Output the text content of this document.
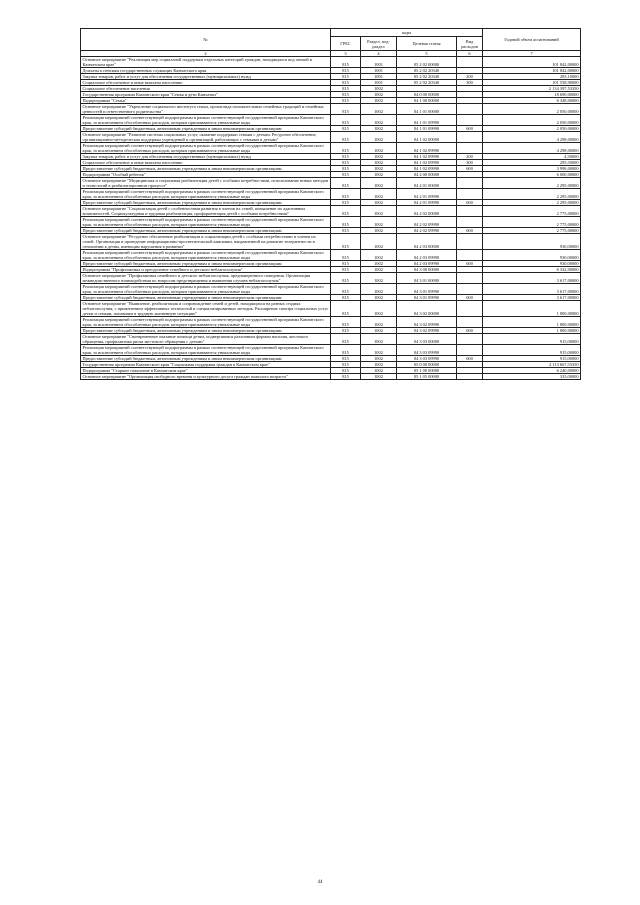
№	коды				Годовой объем ассигнований
	ГРБС	Раздел, под-раздел	Целевая статья	Вид расходов	
2	3	4	5	6	7
Основное мероприятие "Реализация мер социальной поддержки отдельных категорий граждан, находящихся под опекой в Камчатском крае"	815	1001	05 2 02 00000		101 842,00000
Доплаты к пенсиям государственных служащих Камчатского края	815	1001	05 2 02 20340		101 842,00000
Закупка товаров, работ и услуг для обеспечения государственных (муниципальных) нужд	815	1001	05 2 02 20340	200	283,10000
Социальное обеспечение и иные выплаты населению	815	1001	05 2 02 20340	300	101 558,90000
Социальное обеспечение населения	815	1002			2 134 397,53350
Государственная программа Камчатского края "Семья и дети Камчатки"	815	1002	04 0 00 00000		18 690,00000
Подпрограмма "Семья"	815	1002	04 1 00 00000		6 348,00000
Основное мероприятие "Укрепление социального института семьи, пропаганда положительных семейных традиций и семейных ценностей и ответственного родительства"	815	1002	04 1 01 00000		2 050,00000
Реализация мероприятий соответствующей подпрограммы в рамках соответствующей государственной программы Камчатского края, за исключением обособленных расходов, которым присваиваются уникальные коды	815	1002	04 1 01 09990		2 050,00000
Предоставление субсидий бюджетным, автономным учреждениям и иным некоммерческим организациям	815	1002	04 1 01 09990	600	2 050,00000
Основное мероприятие "Развитие системы социальных услуг, оказание поддержки семьям с детьми. Ресурсное обеспечение, организационно-методическая поддержка учреждений и организаций, работающих с семьями и детьми"	815	1002	04 1 02 00000		4 298,00000
Реализация мероприятий соответствующей подпрограммы в рамках соответствующей государственной программы Камчатского края, за исключением обособленных расходов, которым присваиваются уникальные коды	815	1002	04 1 02 09990		4 298,00000
Закупка товаров, работ и услуг для обеспечения государственных (муниципальных) нужд	815	1002	04 1 02 09990	200	4,50000
Социальное обеспечение и иные выплаты населению	815	1002	04 1 02 09990	300	295,50000
Предоставление субсидий бюджетным, автономным учреждениям и иным некоммерческим организациям	815	1002	04 1 02 09990	600	3 998,00000
Подпрограмма "Особый ребенок"	815	1002	04 2 00 00000		6 000,00000
Основное мероприятие "Медицинская и социальная реабилитация детей с особыми потребностями, использование новых методов и технологий в реабилитационном процессе"	815	1002	04 2 01 00000		2 295,00000
Реализация мероприятий соответствующей подпрограммы в рамках соответствующей государственной программы Камчатского края, за исключением обособленных расходов, которым присваиваются уникальные коды	815	1002	04 2 01 09990		2 295,00000
Предоставление субсидий бюджетным, автономным учреждениям и иным некоммерческим организациям	815	1002	04 2 01 09990	600	2 295,00000
Основное мероприятие "Социализация детей с особенностями развития в членов их семей, повышение их адаптивных возможностей. Социокультурная и трудовая реабилитация, профориентация детей с особыми потребностями"	815	1002	04 2 02 00000		2 775,00000
Реализация мероприятий соответствующей подпрограммы в рамках соответствующей государственной программы Камчатского края, за исключением обособленных расходов, которым присваиваются уникальные коды	815	1002	04 2 02 09990		2 775,00000
Предоставление субсидий бюджетным, автономным учреждениям и иным некоммерческим организациям	815	1002	04 2 02 09990	600	2 775,00000
Основное мероприятие "Ресурсное обеспечение реабилитации и социализации детей с особыми потребностями и членов их семей. Организация и проведение информационно-просветительской кампании, направленной на развитие толерантности в отношении к детям, имеющим нарушения в развитии"	815	1002	04 2 03 00000		930,00000
Реализация мероприятий соответствующей подпрограммы в рамках соответствующей государственной программы Камчатского края, за исключением обособленных расходов, которым присваиваются уникальные коды	815	1002	04 2 03 09990		930,00000
Предоставление субсидий бюджетным, автономным учреждениям и иным некоммерческим организациям	815	1002	04 2 03 09990	600	930,00000
Подпрограмма "Профилактика и преодоление семейного и детского неблагополучия"	815	1002	04 3 00 00000		6 332,00000
Основное мероприятие "Профилактика семейного и детского неблагополучия, преднамеренного поведения. Организация межведомственного взаимодействия по вопросам предотвращения и выявления случаев неблагополучия"	815	1002	04 3 01 00000		3 617,00000
Реализация мероприятий соответствующей подпрограммы в рамках соответствующей государственной программы Камчатского края, за исключением обособленных расходов, которым присваиваются уникальные коды	815	1002	04 3 01 09990		3 617,00000
Предоставление субсидий бюджетным, автономным учреждениям и иным некоммерческим организациям	815	1002	04 3 01 09990	600	3 617,00000
Основное мероприятие "Выявление, реабилитация и сопровождение семей и детей, находящихся на разных стадиях неблагополучия, с применением эффективных технологий и специализированных методик. Расширение спектра социальных услуг детям и семьям, попавшим в трудную жизненную ситуацию"	815	1002	04 3 02 00000		1 800,00000
Реализация мероприятий соответствующей подпрограммы в рамках соответствующей государственной программы Камчатского края, за исключением обособленных расходов, которым присваиваются уникальные коды	815	1002	04 3 02 09990		1 800,00000
Предоставление субсидий бюджетным, автономным учреждениям и иным некоммерческим организациям	815	1002	04 3 02 09990	600	1 800,00000
Основное мероприятие "Своевременное оказание помощи детям, подвергшимся различным формам насилия, жестокого обращения, профилактика риска жестокого обращения с детьми"	815	1002	04 3 03 00000		915,00000
Реализация мероприятий соответствующей подпрограммы в рамках соответствующей государственной программы Камчатского края, за исключением обособленных расходов, которым присваиваются уникальные коды	815	1002	04 3 03 09990		915,00000
Предоставление субсидий бюджетным, автономным учреждениям и иным некоммерческим организациям	815	1002	04 3 03 09990	600	915,00000
Государственная программа Камчатского края "Социальная поддержка граждан в Камчатском крае"	815	1002	05 0 00 00000		2 113 667,53350
Подпрограмма "Старшее поколение в Камчатском крае"	815	1002	05 1 00 00000		6 240,00000
Основное мероприятие "Организация свободного времени и культурного досуга граждан пожилого возраста"	815	1002	05 1 05 00000		335,00000
44
